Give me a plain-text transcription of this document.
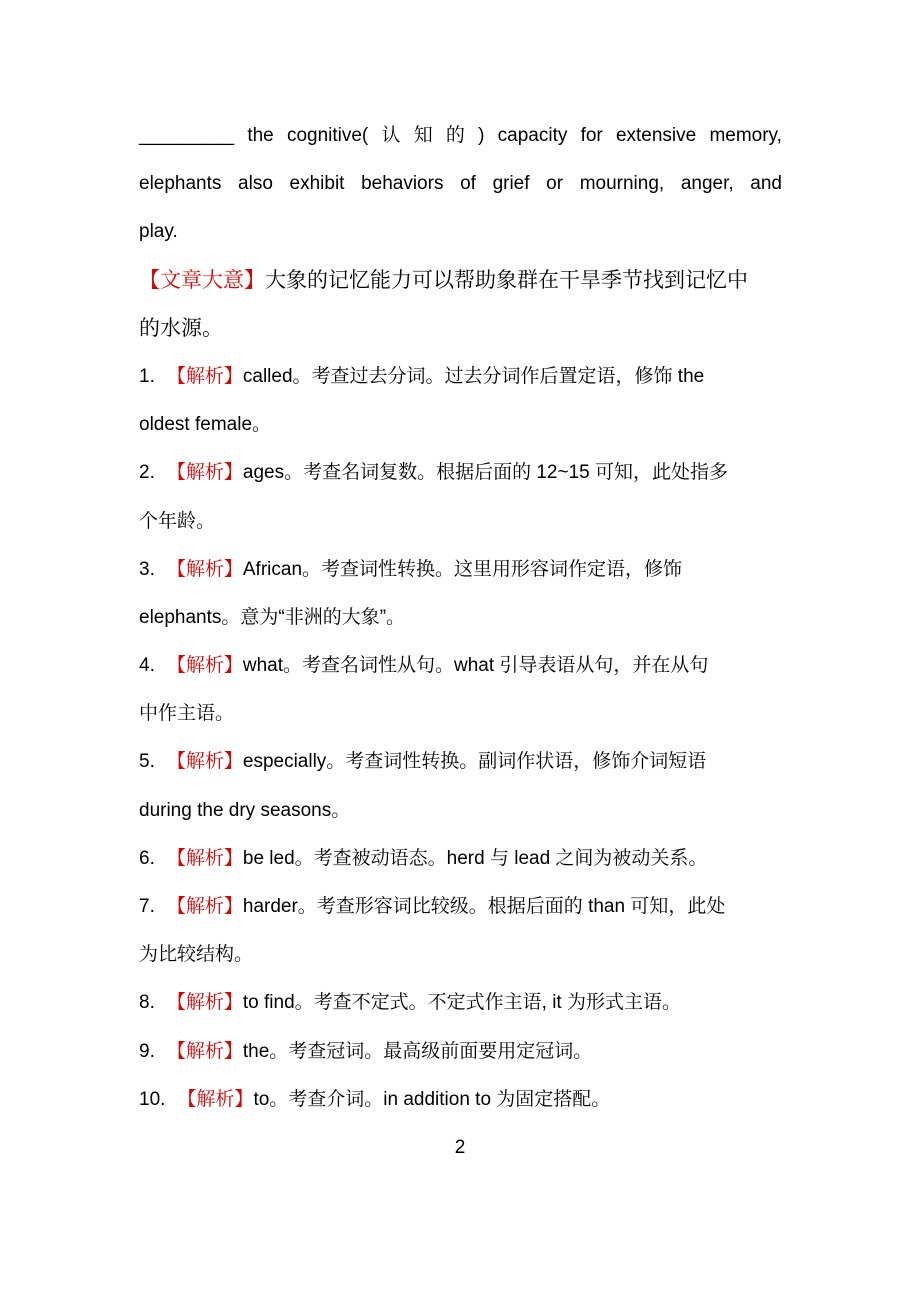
_________ the cognitive( 认 知 的 ) capacity for extensive memory,
elephants also exhibit behaviors of grief or mourning, anger, and
play.
【文章大意】大象的记忆能力可以帮助象群在干旱季节找到记忆中
的水源。
1. 【解析】called。考查过去分词。过去分词作后置定语，修饰 the
oldest female。
2. 【解析】ages。考查名词复数。根据后面的 12~15 可知，此处指多
个年龄。
3. 【解析】African。考查词性转换。这里用形容词作定语，修饰
elephants。意为“非洲的大象”。
4. 【解析】what。考查名词性从句。what 引导表语从句，并在从句
中作主语。
5. 【解析】especially。考查词性转换。副词作状语，修饰介词短语
during the dry seasons。
6. 【解析】be led。考查被动语态。herd 与 lead 之间为被动关系。
7. 【解析】harder。考查形容词比较级。根据后面的 than 可知，此处
为比较结构。
8. 【解析】to find。考查不定式。不定式作主语, it 为形式主语。
9. 【解析】the。考查冠词。最高级前面要用定冠词。
10. 【解析】to。考查介词。in addition to 为固定搭配。
2
